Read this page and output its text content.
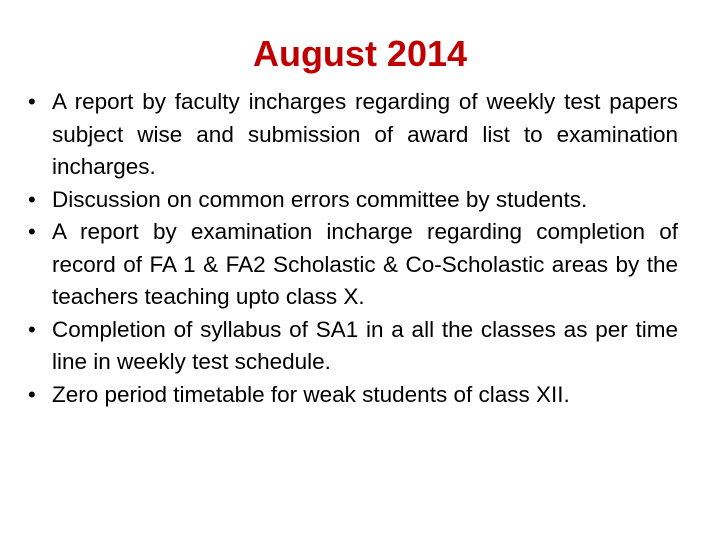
August 2014
• A report by faculty incharges regarding of weekly test papers subject wise and submission of award list to examination incharges.
• Discussion on common errors committee by students.
• A report by examination incharge regarding completion of record of FA 1 & FA2 Scholastic & Co-Scholastic areas by the teachers teaching upto class X.
• Completion of syllabus of SA1 in a all the classes as per time line in weekly test schedule.
• Zero period timetable for weak students of class XII.
